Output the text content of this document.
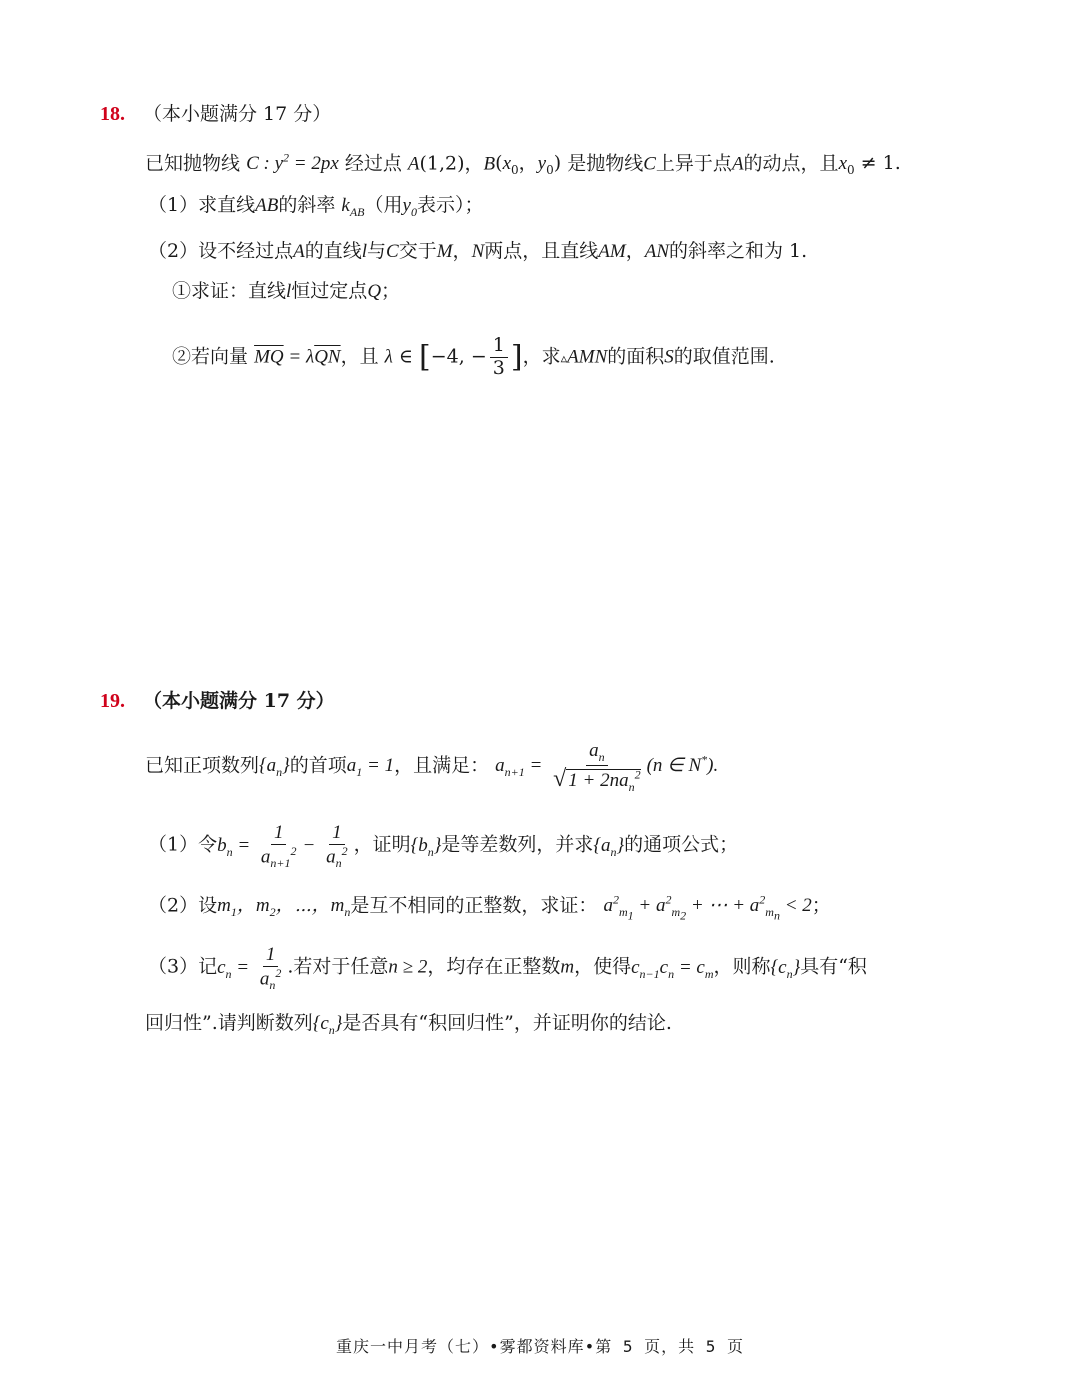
18. （本小题满分 17 分）
已知抛物线 C : $y^2 = 2px$ 经过点 A(1,2)，$B(x_0$，$y_0$) 是抛物线C上异于点A的动点，且$x_0 \ne 1$.
（1）求直线AB的斜率 $k_{AB}$（用$y_0$表示）；
（2）设不经过点A的直线l与C交于M，N两点，且直线AM，AN的斜率之和为 1.
①求证：直线l恒过定点Q；
②若向量 $\overline{MQ} = \lambda\overline{QN}$，且 λ ∈ [−4, − $\frac{1}{3}$ ]，求▵AMN的面积S的取值范围.
19. （本小题满分 17 分）
已知正项数列$\{a_n\}$的首项$a_1 = 1$，且满足： $a_{n+1} = \frac{a_n}{√ 1 + 2na_n^2} (n$ ∈ N*).
（1）令$b_n = \frac{1}{a_{n+1}^2} - \frac{1}{a_n^2}$ ，证明$\{b_n\}$是等差数列，并求$\{a_n\}$的通项公式；
（2）设$m_1$，$m_2$，⋯，$m_n$是互不相同的正整数，求证： $a^2_{m_1} + a^2_{m_2}$ + ⋯ + $a^2_{m_n} < 2$；
（3）记$c_n = \frac{1}{a_n^2}$ .若对于任意n ≥ 2，均存在正整数m，使得$c_{n-1}c_n = c_m$，则称$\{c_n\}$具有“积
回归性”.请判断数列$\{c_n\}$是否具有“积回归性”，并证明你的结论.
重庆一中月考（七）•雾都资料库•第 5 页，共 5 页
